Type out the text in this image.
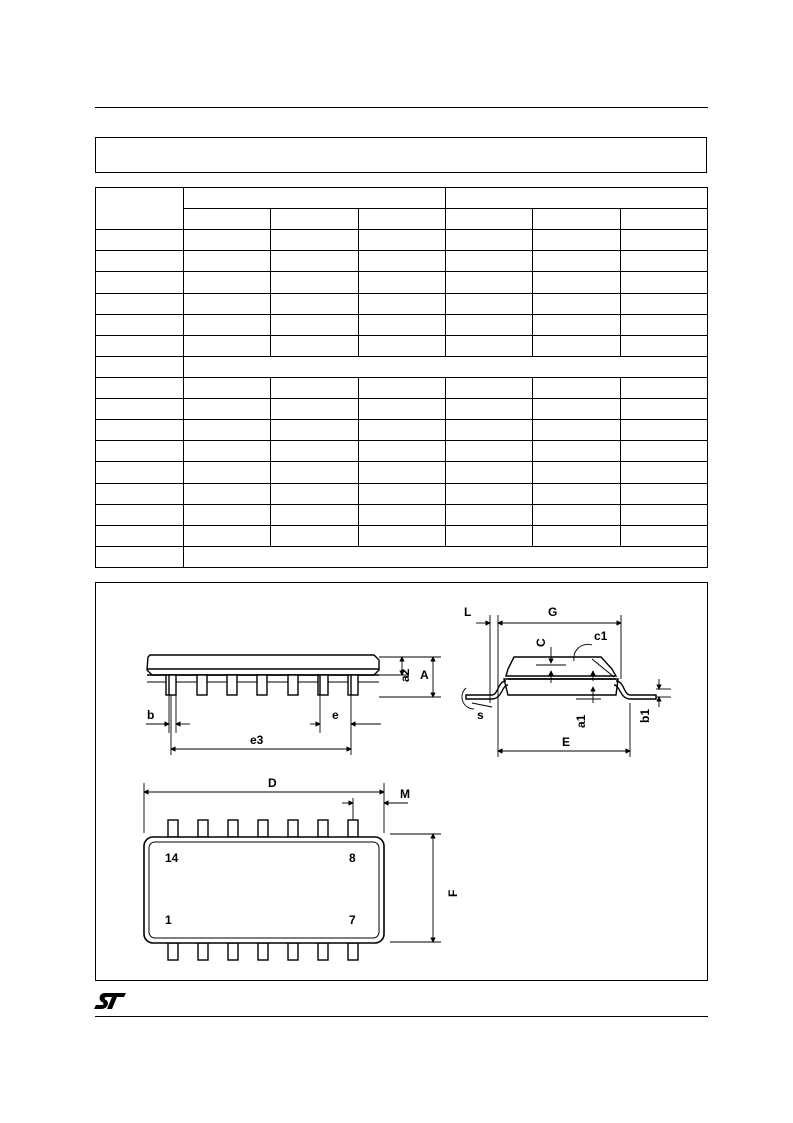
a2 A
b	e
e3
L	G
C	c1
s	a1	b1
E
14	8
1	7
D
M
F
